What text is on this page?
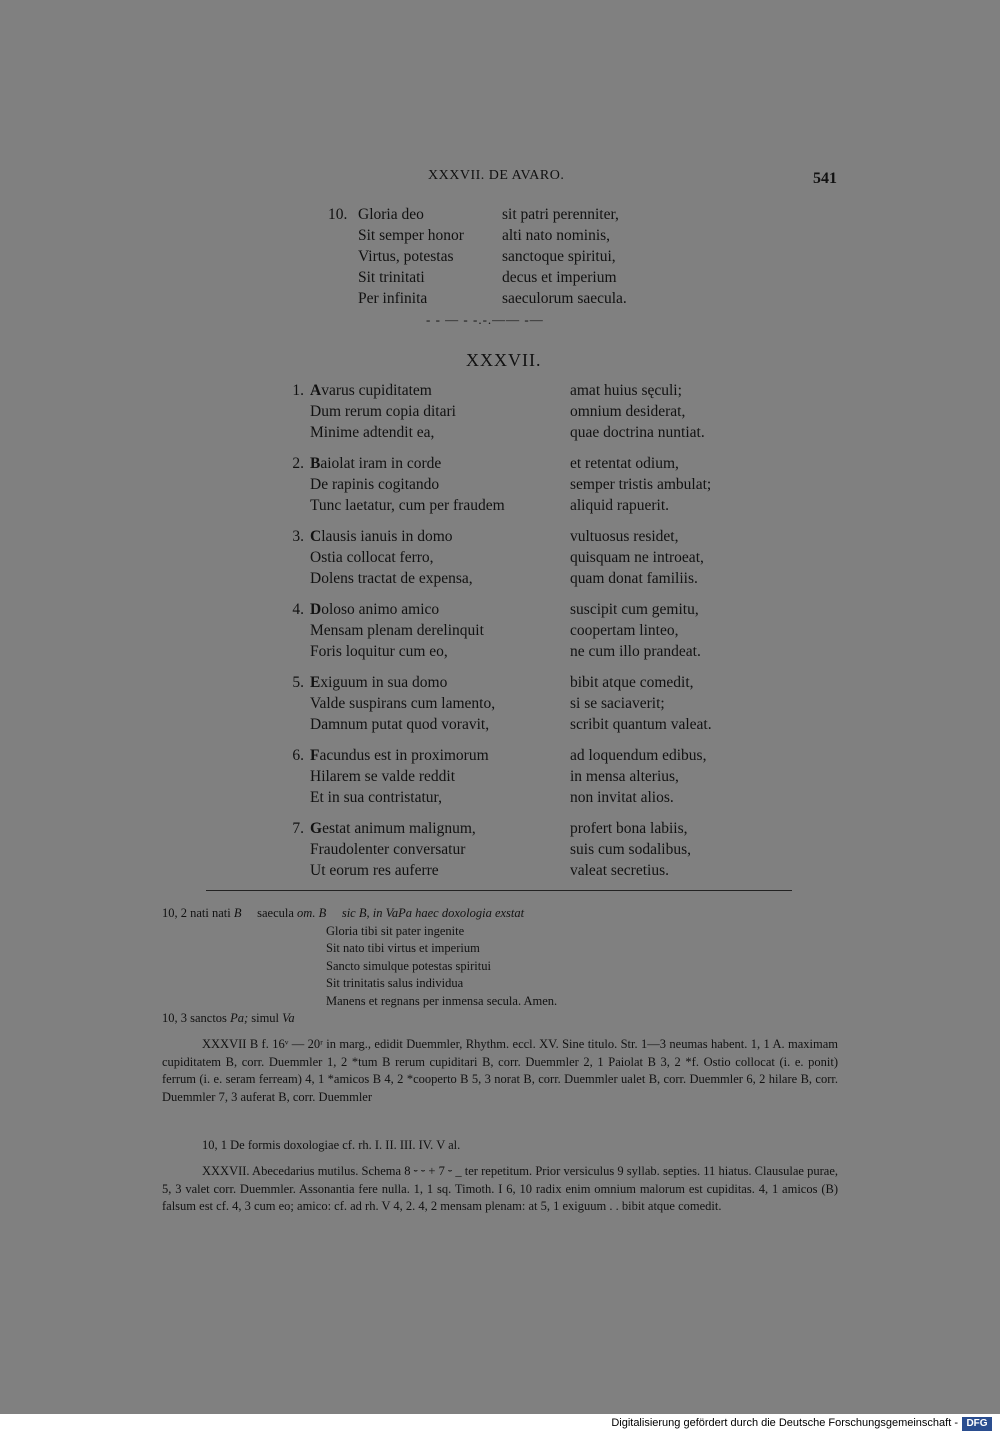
XXXVII. DE AVARO.	541
10. Gloria deo	sit patri perenniter,
Sit semper honor	alti nato nominis,
Virtus, potestas	sanctoque spiritui,
Sit trinitati	decus et imperium
Per infinita	saeculorum saecula.
- - — - -.-.—— -—
XXXVII.
1. Avarus cupiditatem	amat huius sęculi;
Dum rerum copia ditari	omnium desiderat,
Minime adtendit ea,	quae doctrina nuntiat.
2. Baiolat iram in corde	et retentat odium,
De rapinis cogitando	semper tristis ambulat;
Tunc laetatur, cum per fraudem	aliquid rapuerit.
3. Clausis ianuis in domo	vultuosus residet,
Ostia collocat ferro,	quisquam ne introeat,
Dolens tractat de expensa,	quam donat familiis.
4. Doloso animo amico	suscipit cum gemitu,
Mensam plenam derelinquit	coopertam linteo,
Foris loquitur cum eo,	ne cum illo prandeat.
5. Exiguum in sua domo	bibit atque comedit,
Valde suspirans cum lamento,	si se saciaverit;
Damnum putat quod voravit,	scribit quantum valeat.
6. Facundus est in proximorum	ad loquendum edibus,
Hilarem se valde reddit	in mensa alterius,
Et in sua contristatur,	non invitat alios.
7. Gestat animum malignum,	profert bona labiis,
Fraudolenter conversatur	suis cum sodalibus,
Ut eorum res auferre	valeat secretius.

10, 2 nati nati B saecula om. B sic B, in VaPa haec doxologia exstat

Gloria tibi sit pater ingenite

Sit nato tibi virtus et imperium

Sancto simulque potestas spiritui

Sit trinitatis salus individua

Manens et regnans per inmensa secula. Amen.

10, 3 sanctos Pa; simul Va

XXXVII B f. 16ᵛ — 20ʳ in marg., edidit Duemmler, Rhythm. eccl. XV. Sine titulo. Str. 1—3 neumas habent. 1, 1 A. maximam cupiditatem B, corr. Duemmler 1, 2 *tum B rerum cupiditari B, corr. Duemmler 2, 1 Paiolat B 3, 2 *f. Ostio collocat (i. e. ponit) ferrum (i. e. seram ferream) 4, 1 *amicos B 4, 2 *cooperto B 5, 3 norat B, corr. Duemmler ualet B, corr. Duemmler 6, 2 hilare B, corr. Duemmler 7, 3 auferat B, corr. Duemmler
10, 1 De formis doxologiae cf. rh. I. II. III. IV. V al.
XXXVII. Abecedarius mutilus. Schema 8 ⏑ ⏑ + 7 ⏑ _ ter repetitum. Prior versiculus 9 syllab. septies. 11 hiatus. Clausulae purae, 5, 3 valet corr. Duemmler. Assonantia fere nulla. 1, 1 sq. Timoth. I 6, 10 radix enim omnium malorum est cupiditas. 4, 1 amicos (B) falsum est cf. 4, 3 cum eo; amico: cf. ad rh. V 4, 2. 4, 2 mensam plenam: at 5, 1 exiguum . . bibit atque comedit.
Digitalisierung gefördert durch die Deutsche Forschungsgemeinschaft - DFG
